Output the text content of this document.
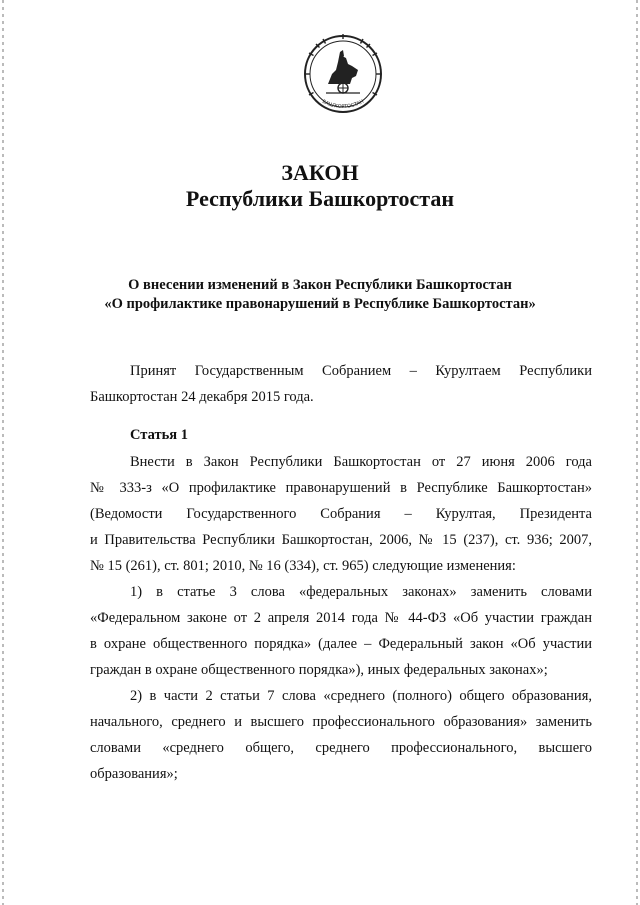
БАШҠОРТОСТАН
ЗАКОН
Республики Башкортостан
О внесении изменений в Закон Республики Башкортостан
«О профилактике правонарушений в Республике Башкортостан»
Принят Государственным Собранием – Курултаем Республики
Башкортостан 24 декабря 2015 года.
Статья 1
Внести в Закон Республики Башкортостан от 27 июня 2006 года
№ 333-з «О профилактике правонарушений в Республике Башкортостан»
(Ведомости Государственного Собрания – Курултая, Президента
и Правительства Республики Башкортостан, 2006, № 15 (237), ст. 936; 2007,
№ 15 (261), ст. 801; 2010, № 16 (334), ст. 965) следующие изменения:
1) в статье 3 слова «федеральных законах» заменить словами
«Федеральном законе от 2 апреля 2014 года № 44-ФЗ «Об участии граждан
в охране общественного порядка» (далее – Федеральный закон «Об участии
граждан в охране общественного порядка»), иных федеральных законах»;
2) в части 2 статьи 7 слова «среднего (полного) общего образования,
начального, среднего и высшего профессионального образования» заменить
словами «среднего общего, среднего профессионального, высшего
образования»;
